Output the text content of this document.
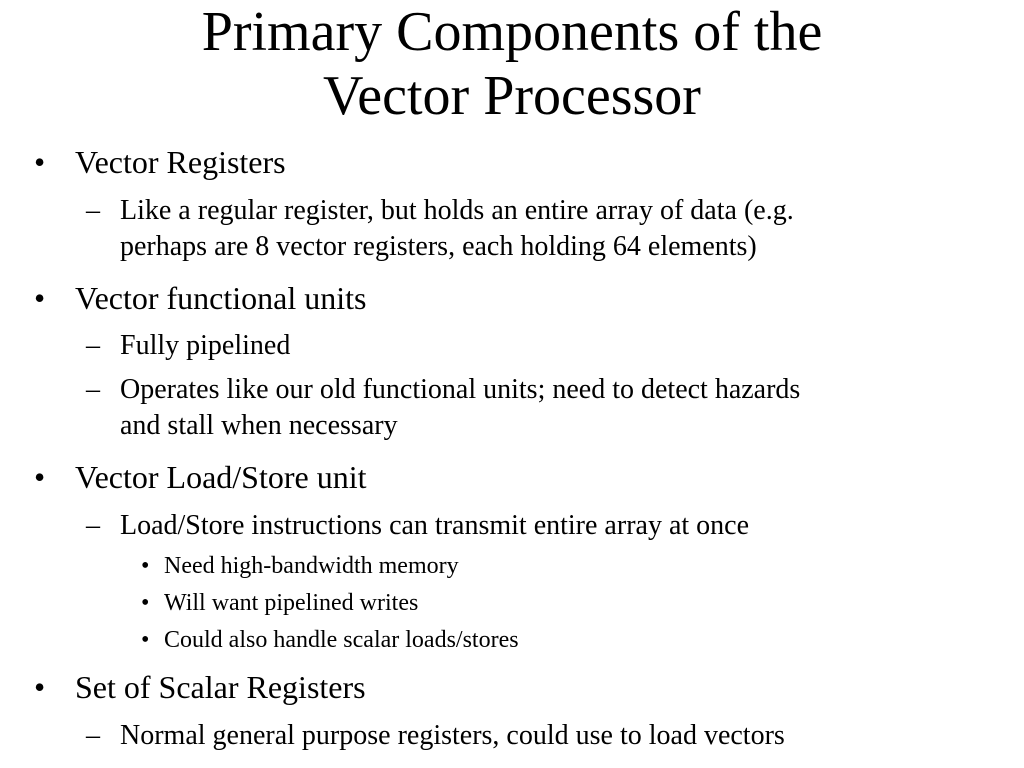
Primary Components of the
Vector Processor
• Vector Registers
– Like a regular register, but holds an entire array of data (e.g.
perhaps are 8 vector registers, each holding 64 elements)
• Vector functional units
– Fully pipelined
– Operates like our old functional units; need to detect hazards
and stall when necessary
• Vector Load/Store unit
– Load/Store instructions can transmit entire array at once
• Need high-bandwidth memory
• Will want pipelined writes
• Could also handle scalar loads/stores
• Set of Scalar Registers
– Normal general purpose registers, could use to load vectors
